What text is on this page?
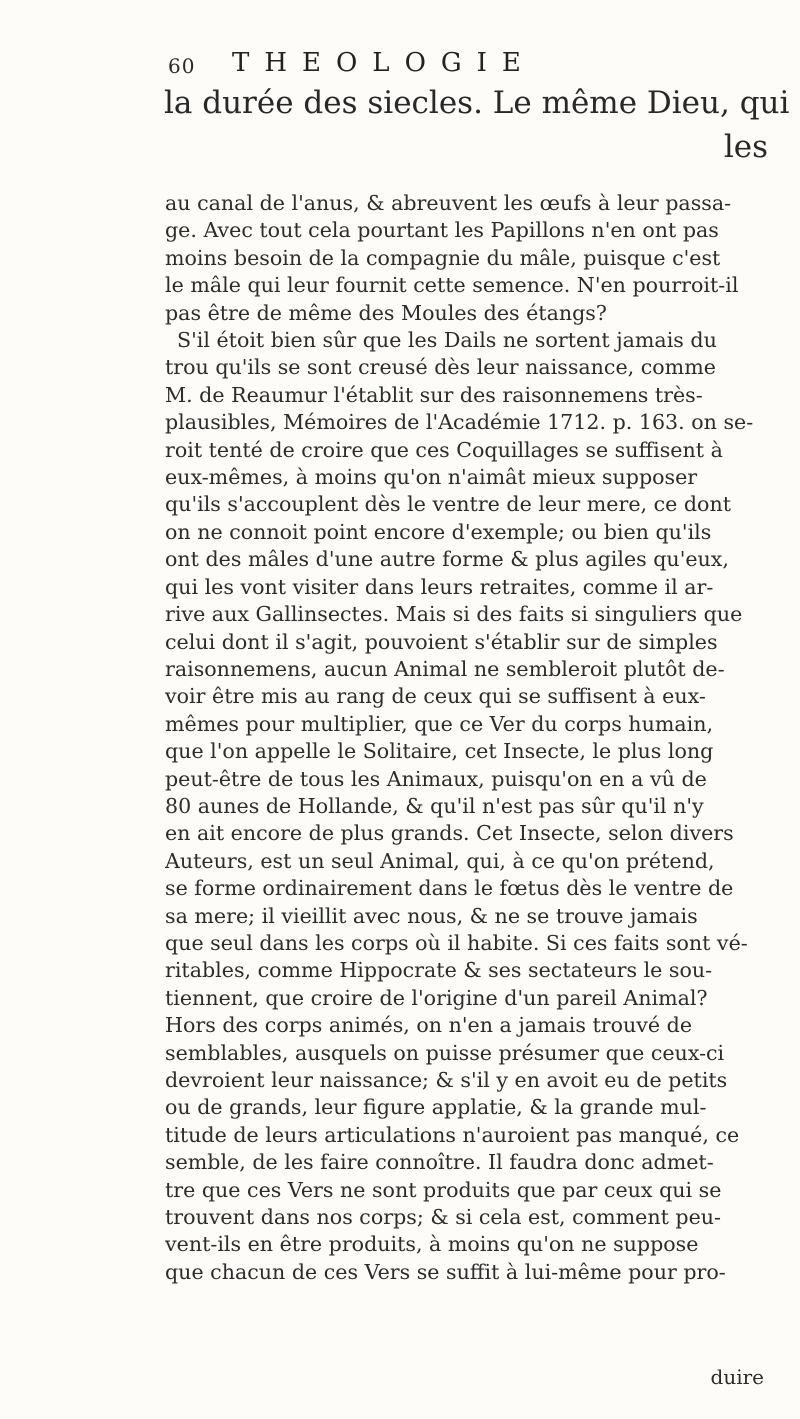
60 THEOLOGIE
la durée des siecles. Le même Dieu, qui
les
au canal de l'anus, & abreuvent les œufs à leur passa-
ge. Avec tout cela pourtant les Papillons n'en ont pas
moins besoin de la compagnie du mâle, puisque c'est
le mâle qui leur fournit cette semence. N'en pourroit-il
pas être de même des Moules des étangs?
S'il étoit bien sûr que les Dails ne sortent jamais du
trou qu'ils se sont creusé dès leur naissance, comme
M. de Reaumur l'établit sur des raisonnemens très-
plausibles, Mémoires de l'Académie 1712. p. 163. on se-
roit tenté de croire que ces Coquillages se suffisent à
eux-mêmes, à moins qu'on n'aimât mieux supposer
qu'ils s'accouplent dès le ventre de leur mere, ce dont
on ne connoit point encore d'exemple; ou bien qu'ils
ont des mâles d'une autre forme & plus agiles qu'eux,
qui les vont visiter dans leurs retraites, comme il ar-
rive aux Gallinsectes. Mais si des faits si singuliers que
celui dont il s'agit, pouvoient s'établir sur de simples
raisonnemens, aucun Animal ne sembleroit plutôt de-
voir être mis au rang de ceux qui se suffisent à eux-
mêmes pour multiplier, que ce Ver du corps humain,
que l'on appelle le Solitaire, cet Insecte, le plus long
peut-être de tous les Animaux, puisqu'on en a vû de
80 aunes de Hollande, & qu'il n'est pas sûr qu'il n'y
en ait encore de plus grands. Cet Insecte, selon divers
Auteurs, est un seul Animal, qui, à ce qu'on prétend,
se forme ordinairement dans le fœtus dès le ventre de
sa mere; il vieillit avec nous, & ne se trouve jamais
que seul dans les corps où il habite. Si ces faits sont vé-
ritables, comme Hippocrate & ses sectateurs le sou-
tiennent, que croire de l'origine d'un pareil Animal?
Hors des corps animés, on n'en a jamais trouvé de
semblables, ausquels on puisse présumer que ceux-ci
devroient leur naissance; & s'il y en avoit eu de petits
ou de grands, leur figure applatie, & la grande mul-
titude de leurs articulations n'auroient pas manqué, ce
semble, de les faire connoître. Il faudra donc admet-
tre que ces Vers ne sont produits que par ceux qui se
trouvent dans nos corps; & si cela est, comment peu-
vent-ils en être produits, à moins qu'on ne suppose
que chacun de ces Vers se suffit à lui-même pour pro-
duire
